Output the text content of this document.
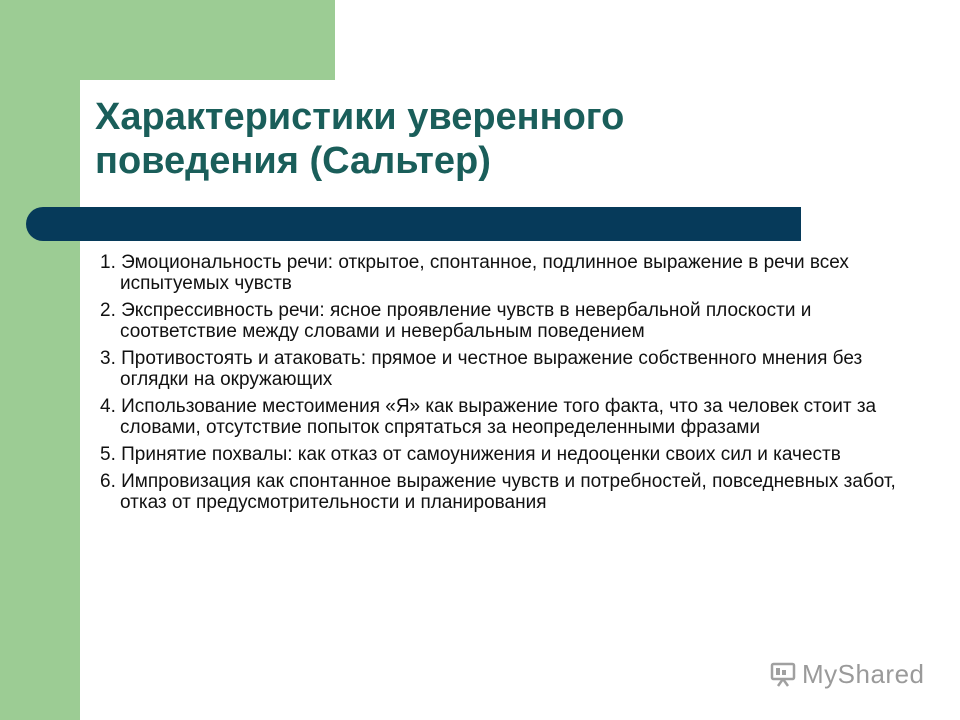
Характеристики уверенного
поведения (Сальтер)
1. Эмоциональность речи: открытое, спонтанное, подлинное выражение в речи всех испытуемых чувств
2. Экспрессивность речи: ясное проявление чувств в невербальной плоскости и соответствие между словами и невербальным поведением
3. Противостоять и атаковать: прямое и честное выражение собственного мнения без оглядки на окружающих
4. Использование местоимения «Я» как выражение того факта, что за человек стоит за словами, отсутствие попыток спрятаться за неопределенными фразами
5. Принятие похвалы: как отказ от самоунижения и недооценки своих сил и качеств
6. Импровизация как спонтанное выражение чувств и потребностей, повседневных забот, отказ от предусмотрительности и планирования
MyShared
